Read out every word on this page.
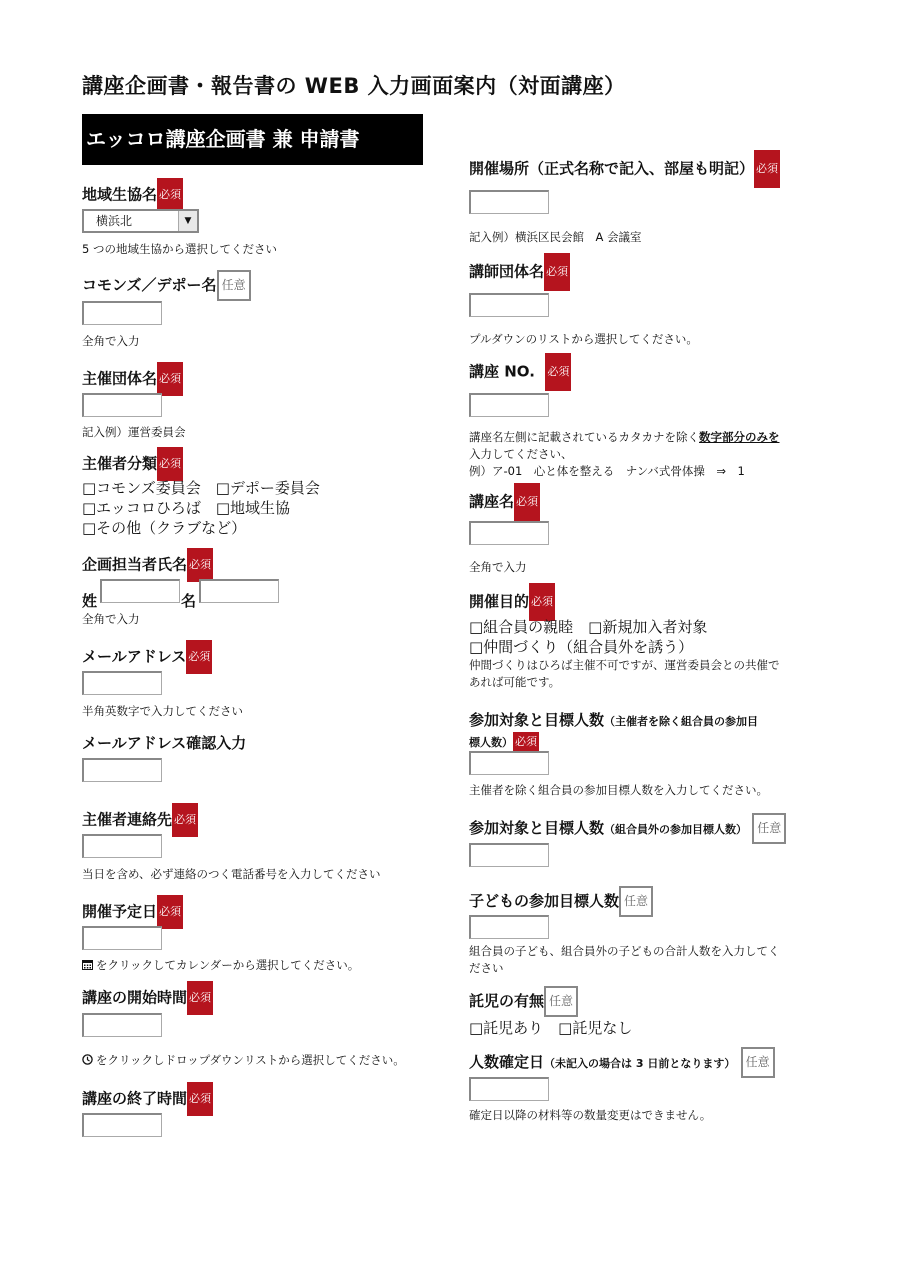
講座企画書・報告書の WEB 入力画面案内（対面講座）
エッコロ講座企画書 兼 申請書
地域生協名 必須
横浜北	▼
5 つの地域生協から選択してください
コモンズ／デポー名 任意
全角で入力
主催団体名 必須
記入例）運営委員会
主催者分類 必須
□コモンズ委員会　□デポー委員会
□エッコロひろば　□地域生協
□その他（クラブなど）
企画担当者氏名 必須
姓	名
全角で入力
メールアドレス 必須
半角英数字で入力してください
メールアドレス確認入力
主催者連絡先 必須
当日を含め、必ず連絡のつく電話番号を入力してください
開催予定日 必須
をクリックしてカレンダーから選択してください。
講座の開始時間 必須
をクリックしドロップダウンリストから選択してください。
講座の終了時間 必須
開催場所（正式名称で記入、部屋も明記） 必須
記入例）横浜区民会館　A 会議室
講師団体名 必須
プルダウンのリストから選択してください。
講座 NO. 必須
講座名左側に記載されているカタカナを除く数字部分のみを
入力してください、
例）ア-01　心と体を整える　ナンバ式骨体操　⇒　1
講座名 必須
全角で入力
開催目的 必須
□組合員の親睦　□新規加入者対象
□仲間づくり（組合員外を誘う）
仲間づくりはひろば主催不可ですが、運営委員会との共催で
あれば可能です。
参加対象と目標人数（主催者を除く組合員の参加目
標人数） 必須
主催者を除く組合員の参加目標人数を入力してください。
参加対象と目標人数（組合員外の参加目標人数） 任意
子どもの参加目標人数 任意
組合員の子ども、組合員外の子どもの合計人数を入力してく
ださい
託児の有無 任意
□託児あり　□託児なし
人数確定日（未記入の場合は 3 日前となります） 任意
確定日以降の材料等の数量変更はできません。
